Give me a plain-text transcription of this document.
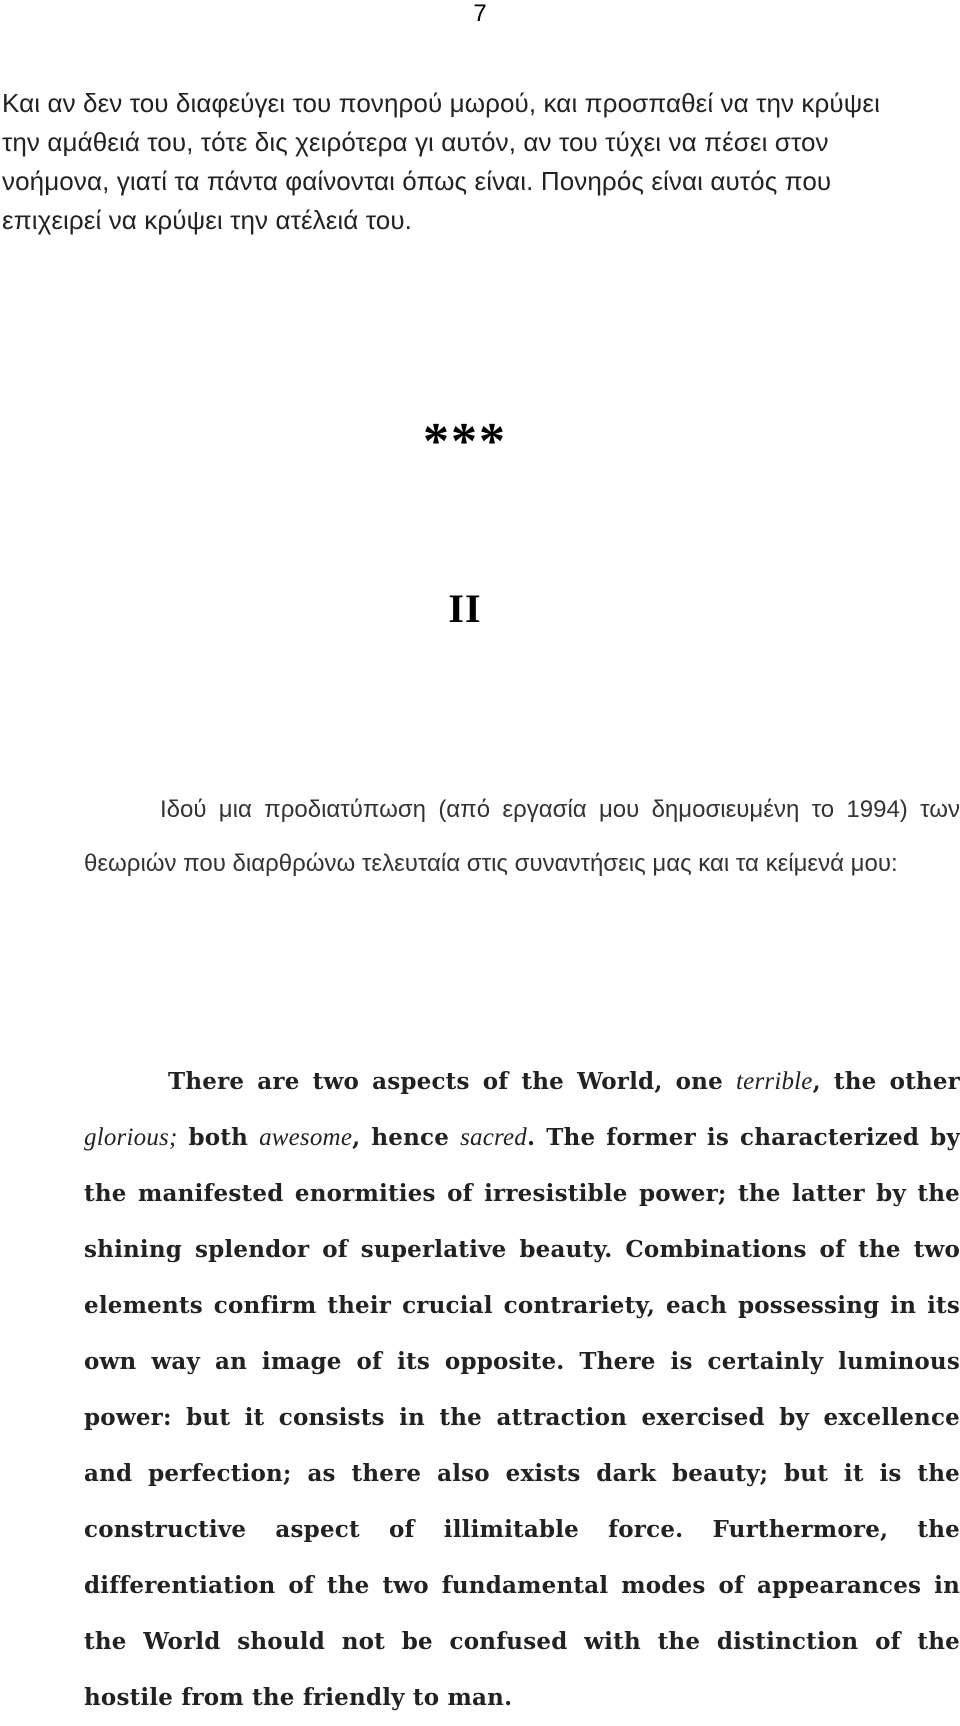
7

Και αν δεν του διαφεύγει του πονηρού μωρού, και προσπαθεί να την κρύψει την αμάθειά του, τότε δις χειρότερα γι αυτόν, αν του τύχει να πέσει στον νοήμονα, γιατί τα πάντα φαίνονται όπως είναι. Πονηρός είναι αυτός που επιχειρεί να κρύψει την ατέλειά του.

***
II

Ιδού μια προδιατύπωση (από εργασία μου δημοσιευμένη το 1994) των θεωριών που διαρθρώνω τελευταία στις συναντήσεις μας και τα κείμενά μου:

There are two aspects of the World, one terrible, the other glorious; both awesome, hence sacred. The former is characterized by the manifested enormities of irresistible power; the latter by the shining splendor of superlative beauty. Combinations of the two elements confirm their crucial contrariety, each possessing in its own way an image of its opposite. There is certainly luminous power: but it consists in the attraction exercised by excellence and perfection; as there also exists dark beauty; but it is the constructive aspect of illimitable force. Furthermore, the differentiation of the two fundamental modes of appearances in the World should not be confused with the distinction of the hostile from the friendly to man.
